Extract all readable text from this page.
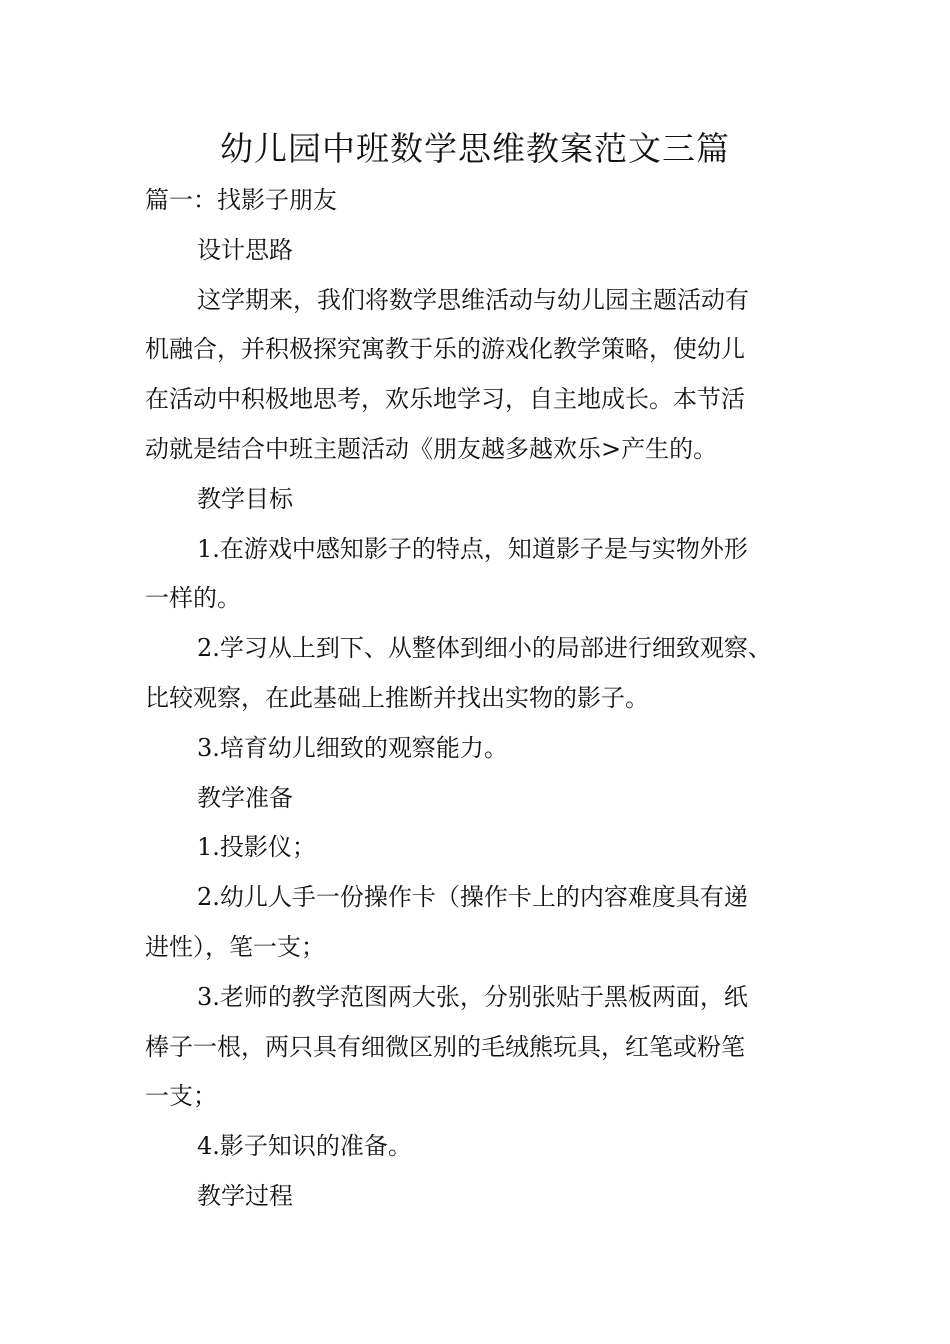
幼儿园中班数学思维教案范文三篇
篇一：找影子朋友
设计思路
这学期来，我们将数学思维活动与幼儿园主题活动有
机融合，并积极探究寓教于乐的游戏化教学策略，使幼儿
在活动中积极地思考，欢乐地学习，自主地成长。本节活
动就是结合中班主题活动《朋友越多越欢乐>产生的。
教学目标
1.在游戏中感知影子的特点，知道影子是与实物外形
一样的。
2.学习从上到下、从整体到细小的局部进行细致观察、
比较观察，在此基础上推断并找出实物的影子。
3.培育幼儿细致的观察能力。
教学准备
1.投影仪；
2.幼儿人手一份操作卡（操作卡上的内容难度具有递
进性），笔一支；
3.老师的教学范图两大张，分别张贴于黑板两面，纸
棒子一根，两只具有细微区别的毛绒熊玩具，红笔或粉笔
一支；
4.影子知识的准备。
教学过程
